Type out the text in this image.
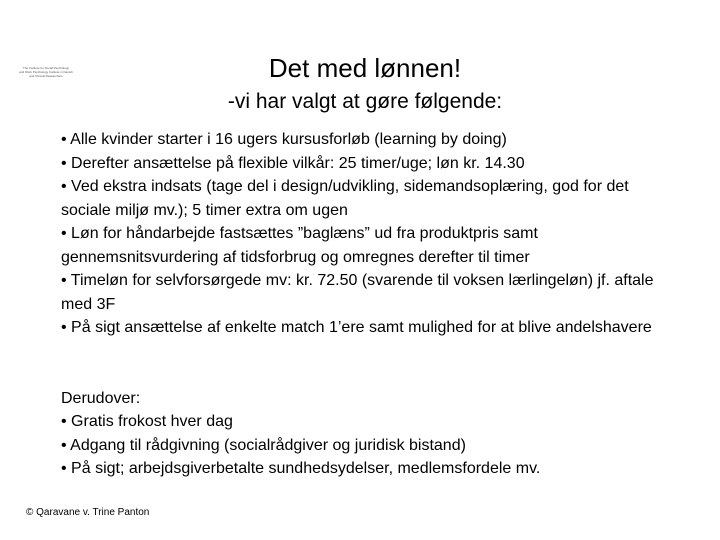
The Institute for Social Psychology
and Work Psychology Institute in Danish
and Clinical Researchers	Det med lønnen!
-vi har valgt at gøre følgende:

• Alle kvinder starter i 16 ugers kursusforløb (learning by doing)

• Derefter ansættelse på flexible vilkår: 25 timer/uge; løn kr. 14.30

• Ved ekstra indsats (tage del i design/udvikling, sidemandsoplæring, god for det sociale miljø mv.); 5 timer extra om ugen

• Løn for håndarbejde fastsættes ”baglæns” ud fra produktpris samt gennemsnitsvurdering af tidsforbrug og omregnes derefter til timer

• Timeløn for selvforsørgede mv: kr. 72.50 (svarende til voksen lærlingeløn) jf. aftale med 3F

• På sigt ansættelse af enkelte match 1’ere samt mulighed for at blive andelshavere

Derudover:

• Gratis frokost hver dag

• Adgang til rådgivning (socialrådgiver og juridisk bistand)

• På sigt; arbejdsgiverbetalte sundhedsydelser, medlemsfordele mv.

© Qaravane v. Trine Panton
